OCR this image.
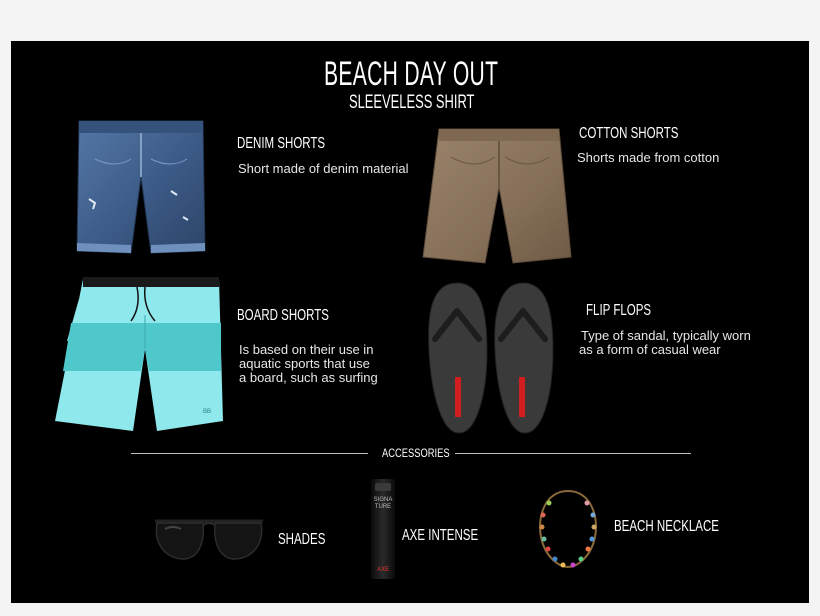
BEACH DAY OUT
SLEEVELESS SHIRT
DENIM SHORTS
Short made of denim material
COTTON SHORTS
Shorts made from cotton
BB
BOARD SHORTS
Is based on their use in
aquatic sports that use
a board, such as surfing
FLIP FLOPS
Type of sandal, typically worn
as a form of casual wear
ACCESSORIES
SHADES
SIGNATURE
AXE
AXE INTENSE
BEACH NECKLACE
